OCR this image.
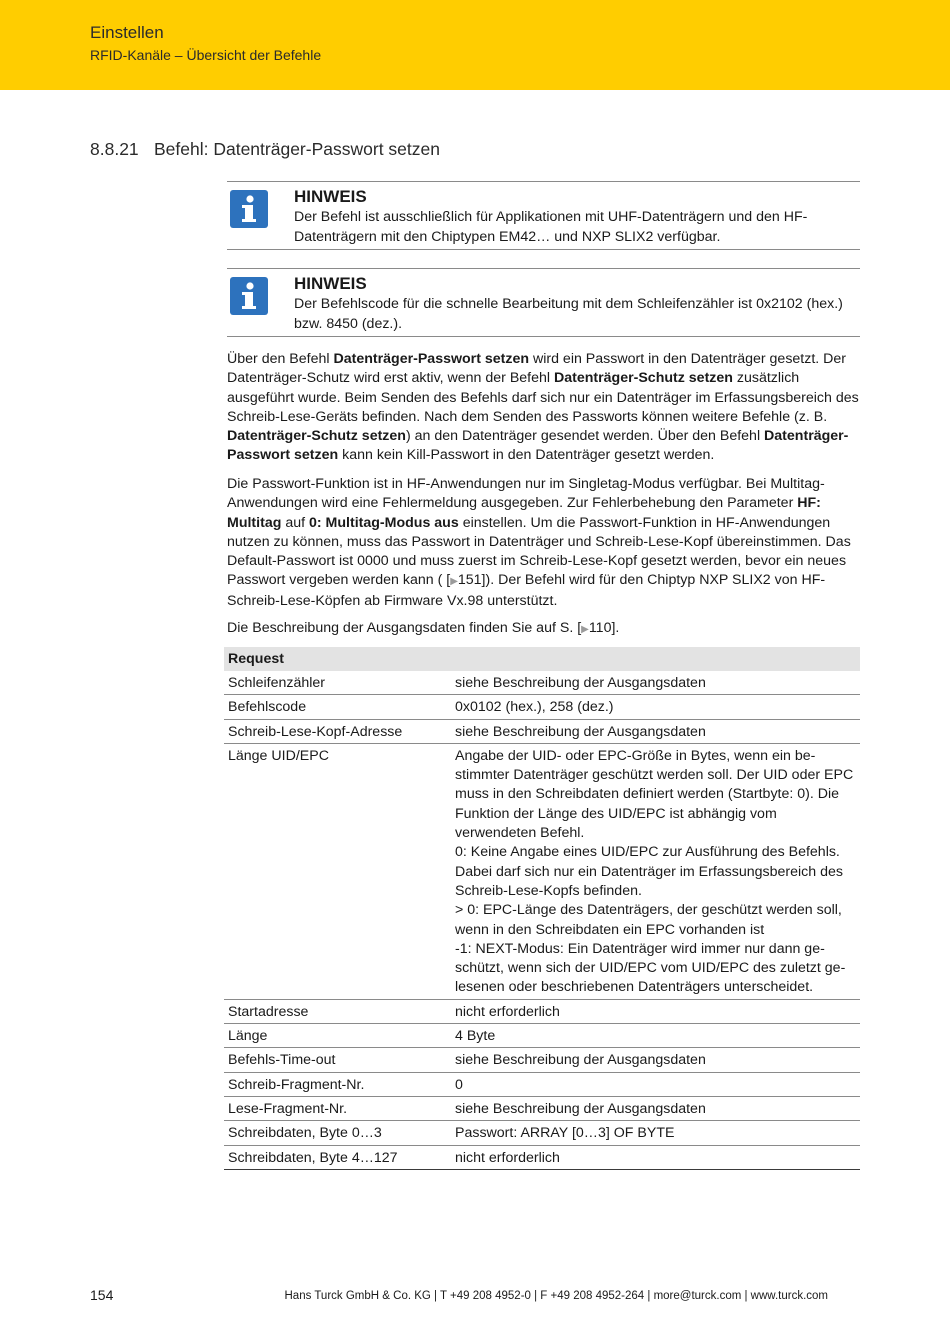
Einstellen
RFID-Kanäle – Übersicht der Befehle
8.8.21 Befehl: Datenträger-Passwort setzen
HINWEIS
Der Befehl ist ausschließlich für Applikationen mit UHF-Datenträgern und den HF-Datenträgern mit den Chiptypen EM42… und NXP SLIX2 verfügbar.
HINWEIS
Der Befehlscode für die schnelle Bearbeitung mit dem Schleifenzähler ist 0x2102 (hex.) bzw. 8450 (dez.).
Über den Befehl Datenträger-Passwort setzen wird ein Passwort in den Datenträger gesetzt. Der Datenträger-Schutz wird erst aktiv, wenn der Befehl Datenträger-Schutz setzen zusätzlich ausgeführt wurde. Beim Senden des Befehls darf sich nur ein Datenträger im Erfassungsbereich des Schreib-Lese-Geräts befinden. Nach dem Senden des Passworts können weitere Befehle (z. B. Datenträger-Schutz setzen) an den Datenträger gesendet werden. Über den Befehl Datenträger-Passwort setzen kann kein Kill-Passwort in den Datenträger gesetzt werden.
Die Passwort-Funktion ist in HF-Anwendungen nur im Singletag-Modus verfügbar. Bei Multitag-Anwendungen wird eine Fehlermeldung ausgegeben. Zur Fehlerbehebung den Parameter HF: Multitag auf 0: Multitag-Modus aus einstellen. Um die Passwort-Funktion in HF-Anwendungen nutzen zu können, muss das Passwort in Datenträger und Schreib-Lese-Kopf übereinstimmen. Das Default-Passwort ist 0000 und muss zuerst im Schreib-Lese-Kopf gesetzt werden, bevor ein neues Passwort vergeben werden kann ( [▶151]). Der Befehl wird für den Chiptyp NXP SLIX2 von HF-Schreib-Lese-Köpfen ab Firmware Vx.98 unterstützt.
Die Beschreibung der Ausgangsdaten finden Sie auf S. [▶110].
Request	
Schleifenzähler	siehe Beschreibung der Ausgangsdaten
Befehlscode	0x0102 (hex.), 258 (dez.)
Schreib-Lese-Kopf-Adresse	siehe Beschreibung der Ausgangsdaten
Länge UID/EPC	Angabe der UID- oder EPC-Größe in Bytes, wenn ein bestimmter Datenträger geschützt werden soll. Der UID oder EPC muss in den Schreibdaten definiert werden (Startbyte: 0). Die Funktion der Länge des UID/EPC ist abhängig vom verwendeten Befehl.
0: Keine Angabe eines UID/EPC zur Ausführung des Befehls. Dabei darf sich nur ein Datenträger im Erfassungsbereich des Schreib-Lese-Kopfs befinden.
> 0: EPC-Länge des Datenträgers, der geschützt werden soll, wenn in den Schreibdaten ein EPC vorhanden ist
-1: NEXT-Modus: Ein Datenträger wird immer nur dann geschützt, wenn sich der UID/EPC vom UID/EPC des zuletzt gelesenen oder beschriebenen Datenträgers unterscheidet.
Startadresse	nicht erforderlich
Länge	4 Byte
Befehls-Time-out	siehe Beschreibung der Ausgangsdaten
Schreib-Fragment-Nr.	0
Lese-Fragment-Nr.	siehe Beschreibung der Ausgangsdaten
Schreibdaten, Byte 0…3	Passwort: ARRAY [0…3] OF BYTE
Schreibdaten, Byte 4…127	nicht erforderlich
154	Hans Turck GmbH & Co. KG | T +49 208 4952-0 | F +49 208 4952-264 | more@turck.com | www.turck.com
